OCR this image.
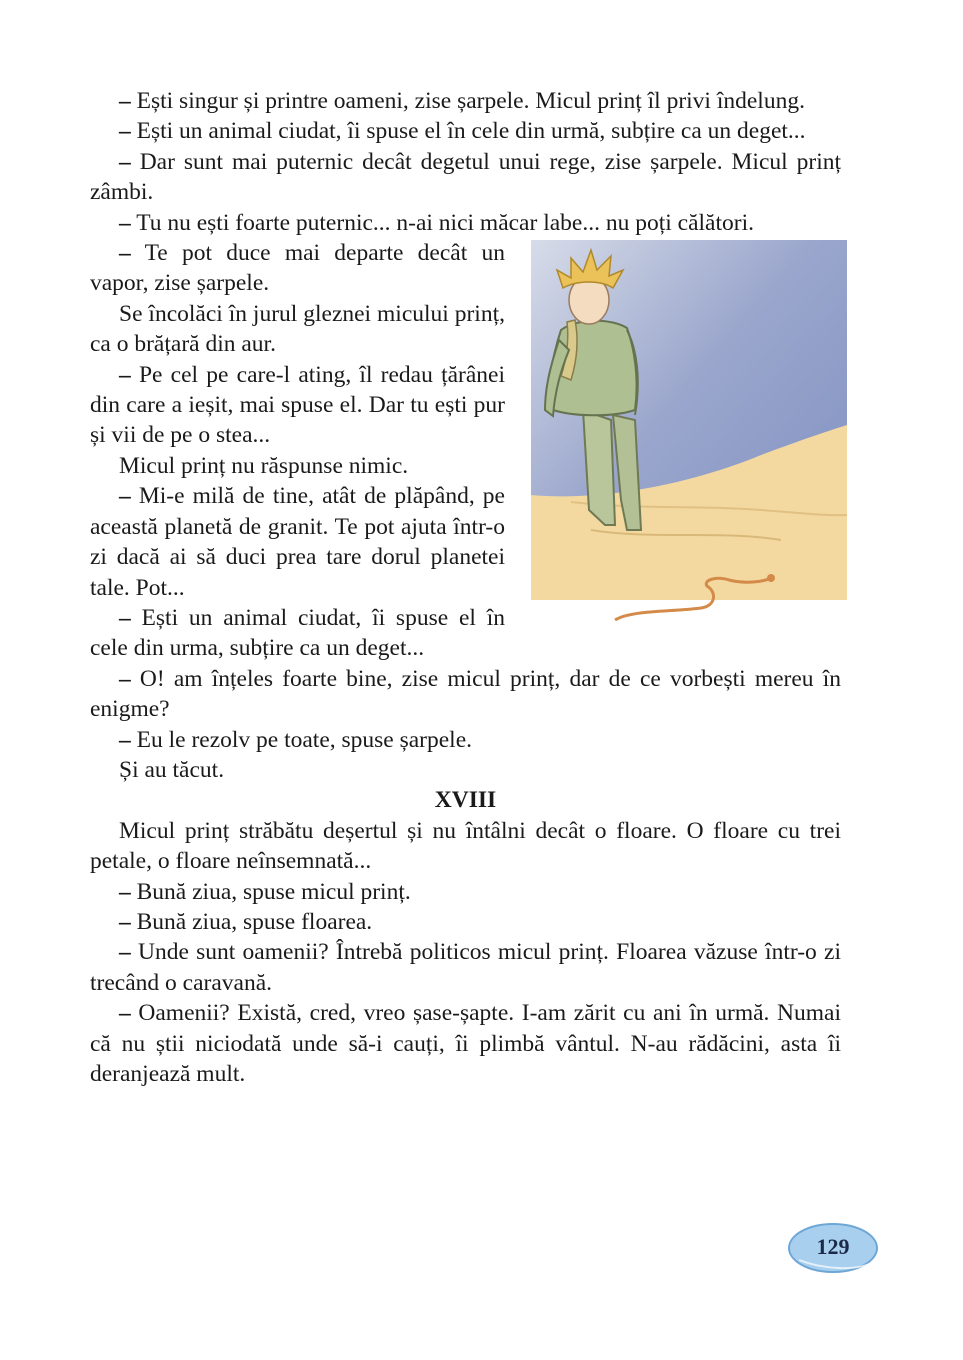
– Ești singur și printre oameni, zise șarpele. Micul prinț îl privi îndelung.

– Ești un animal ciudat, îi spuse el în cele din urmă, subțire ca un deget...

– Dar sunt mai puternic decât degetul unui rege, zise șarpele. Micul prinț zâmbi.

– Tu nu ești foarte puternic... n-ai nici măcar labe... nu poți călători.

– Te pot duce mai departe decât un vapor, zise șarpele.

Se încolăci în jurul gleznei micului prinț, ca o brățară din aur.

– Pe cel pe care-l ating, îl redau țărânei din care a ieșit, mai spuse el. Dar tu ești pur și vii de pe o stea...

Micul prinț nu răspunse nimic.

– Mi-e milă de tine, atât de plăpând, pe această planetă de granit. Te pot ajuta într-o zi dacă ai să duci prea tare dorul planetei tale. Pot...

– Ești un animal ciudat, îi spuse el în cele din urma, subțire ca un deget...

– O! am înțeles foarte bine, zise micul prinț, dar de ce vorbești mereu în enigme?

– Eu le rezolv pe toate, spuse șarpele.

Și au tăcut.

XVIII

Micul prinț străbătu deșertul și nu întâlni decât o floare. O floare cu trei petale, o floare neînsemnată...

– Bună ziua, spuse micul prinț.

– Bună ziua, spuse floarea.

– Unde sunt oamenii? Întrebă politicos micul prinț. Floarea văzuse într-o zi trecând o caravană.

– Oamenii? Există, cred, vreo șase-șapte. I-am zărit cu ani în urmă. Numai că nu știi niciodată unde să-i cauți, îi plimbă vântul. N-au rădăcini, asta îi deranjează mult.

129
